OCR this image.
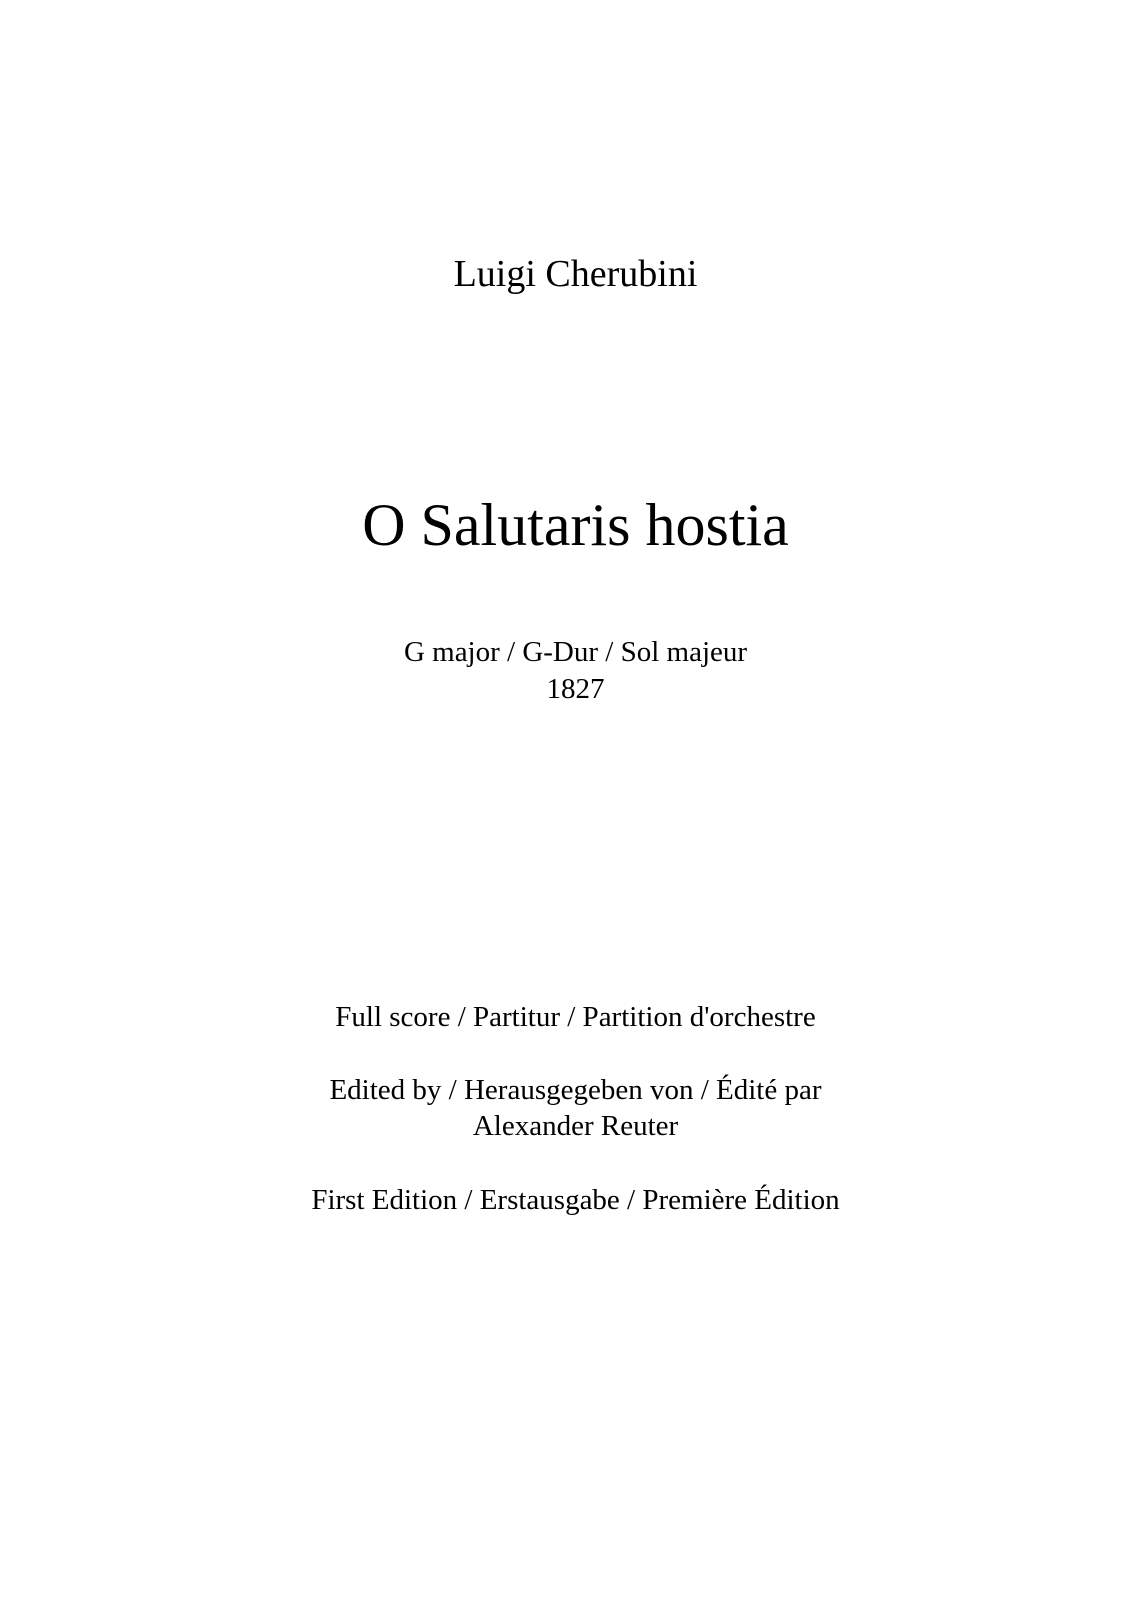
Luigi Cherubini
O Salutaris hostia
G major / G-Dur / Sol majeur
1827
Full score / Partitur / Partition d'orchestre
Edited by / Herausgegeben von / Édité par
Alexander Reuter
First Edition / Erstausgabe / Première Édition
